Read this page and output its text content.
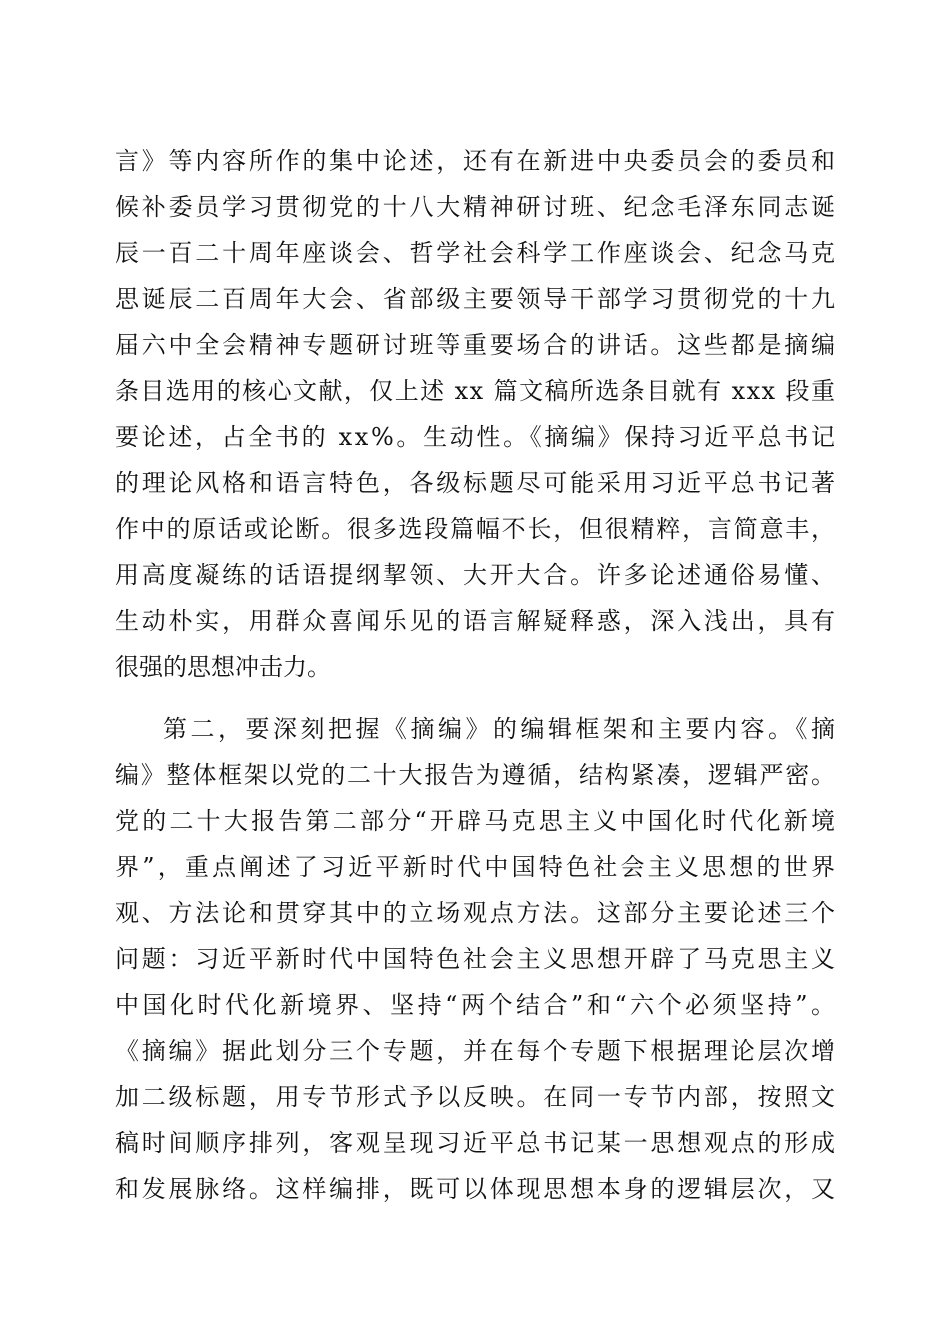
言》等内容所作的集中论述，还有在新进中央委员会的委员和
候补委员学习贯彻党的十八大精神研讨班、纪念毛泽东同志诞
辰一百二十周年座谈会、哲学社会科学工作座谈会、纪念马克
思诞辰二百周年大会、省部级主要领导干部学习贯彻党的十九
届六中全会精神专题研讨班等重要场合的讲话。这些都是摘编
条目选用的核心文献，仅上述 xx 篇文稿所选条目就有 xxx 段重
要论述，占全书的 xx%。生动性。《摘编》保持习近平总书记
的理论风格和语言特色，各级标题尽可能采用习近平总书记著
作中的原话或论断。很多选段篇幅不长，但很精粹，言简意丰，
用高度凝练的话语提纲挈领、大开大合。许多论述通俗易懂、
生动朴实，用群众喜闻乐见的语言解疑释惑，深入浅出，具有
很强的思想冲击力。
第二，要深刻把握《摘编》的编辑框架和主要内容。《摘
编》整体框架以党的二十大报告为遵循，结构紧凑，逻辑严密。
党的二十大报告第二部分“开辟马克思主义中国化时代化新境
界”，重点阐述了习近平新时代中国特色社会主义思想的世界
观、方法论和贯穿其中的立场观点方法。这部分主要论述三个
问题：习近平新时代中国特色社会主义思想开辟了马克思主义
中国化时代化新境界、坚持“两个结合”和“六个必须坚持”。
《摘编》据此划分三个专题，并在每个专题下根据理论层次增
加二级标题，用专节形式予以反映。在同一专节内部，按照文
稿时间顺序排列，客观呈现习近平总书记某一思想观点的形成
和发展脉络。这样编排，既可以体现思想本身的逻辑层次，又
